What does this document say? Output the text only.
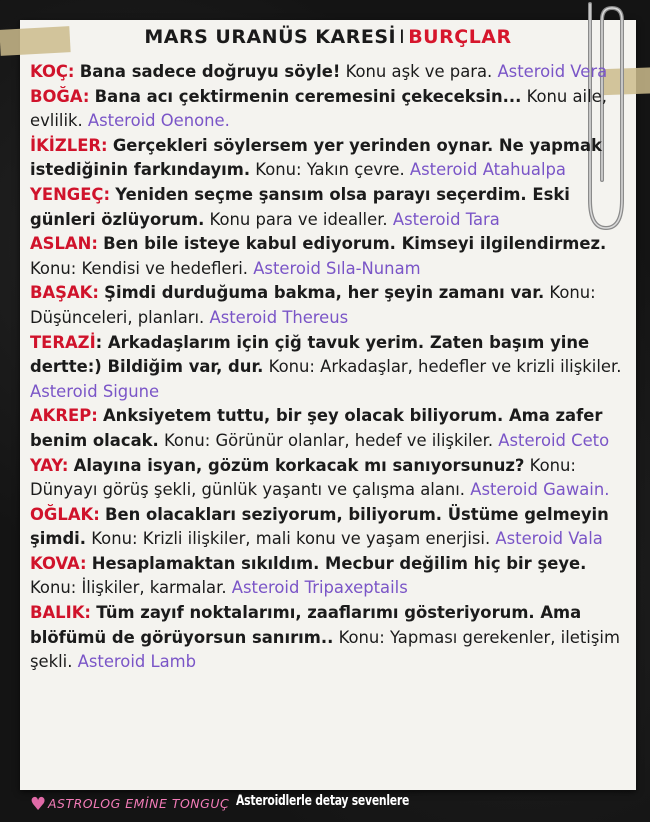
MARS URANÜS KARESİ I BURÇLAR

KOÇ: Bana sadece doğruyu söyle! Konu aşk ve para. Asteroid Vera

BOĞA: Bana acı çektirmenin ceremesini çekeceksin... Konu aile, evlilik. Asteroid Oenone.

İKİZLER: Gerçekleri söylersem yer yerinden oynar. Ne yapmak istediğinin farkındayım. Konu: Yakın çevre. Asteroid Atahualpa

YENGEÇ: Yeniden seçme şansım olsa parayı seçerdim. Eski günleri özlüyorum. Konu para ve idealler. Asteroid Tara

ASLAN: Ben bile isteye kabul ediyorum. Kimseyi ilgilendirmez. Konu: Kendisi ve hedefleri. Asteroid Sıla-Nunam

BAŞAK: Şimdi durduğuma bakma, her şeyin zamanı var. Konu: Düşünceleri, planları. Asteroid Thereus

TERAZİ: Arkadaşlarım için çiğ tavuk yerim. Zaten başım yine dertte:) Bildiğim var, dur. Konu: Arkadaşlar, hedefler ve krizli ilişkiler. Asteroid Sigune

AKREP: Anksiyetem tuttu, bir şey olacak biliyorum. Ama zafer benim olacak. Konu: Görünür olanlar, hedef ve ilişkiler. Asteroid Ceto

YAY: Alayına isyan, gözüm korkacak mı sanıyorsunuz? Konu: Dünyayı görüş şekli, günlük yaşantı ve çalışma alanı. Asteroid Gawain.

OĞLAK: Ben olacakları seziyorum, biliyorum. Üstüme gelmeyin şimdi. Konu: Krizli ilişkiler, mali konu ve yaşam enerjisi. Asteroid Vala

KOVA: Hesaplamaktan sıkıldım. Mecbur değilim hiç bir şeye. Konu: İlişkiler, karmalar. Asteroid Tripaxeptails

BALIK: Tüm zayıf noktalarımı, zaaflarımı gösteriyorum. Ama blöfümü de görüyorsun sanırım.. Konu: Yapması gerekenler, iletişim şekli. Asteroid Lamb

♥ ASTROLOG EMİNE TONGUÇ Asteroidlerle detay sevenlere
